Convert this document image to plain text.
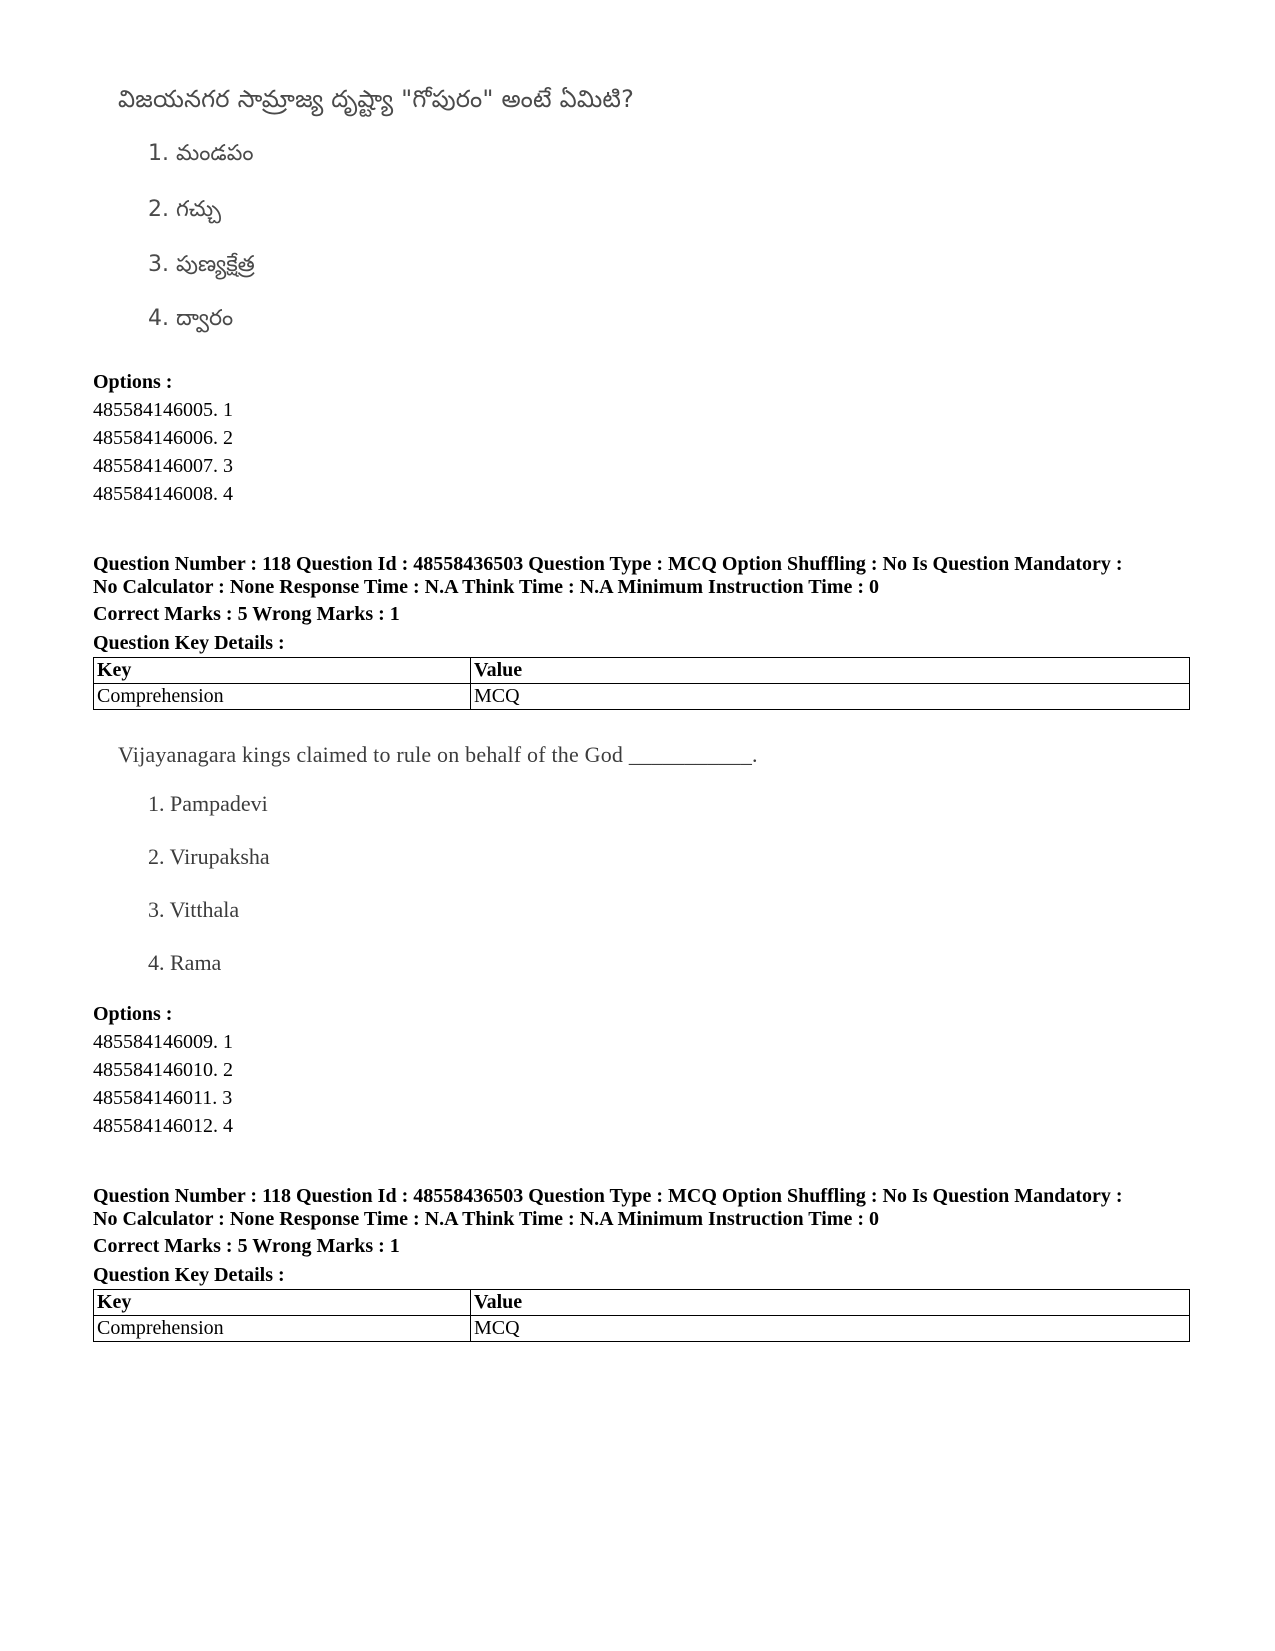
విజయనగర సామ్రాజ్య దృష్ట్యా "గోపురం" అంటే ఏమిటి?
1. మండపం
2. గచ్చు
3. పుణ్యక్షేత్ర
4. ద్వారం
Options :
485584146005. 1
485584146006. 2
485584146007. 3
485584146008. 4
Question Number : 118 Question Id : 48558436503 Question Type : MCQ Option Shuffling : No Is Question Mandatory :
No Calculator : None Response Time : N.A Think Time : N.A Minimum Instruction Time : 0
Correct Marks : 5 Wrong Marks : 1
Question Key Details :
Key	Value
Comprehension	MCQ
Vijayanagara kings claimed to rule on behalf of the God ___________.
1. Pampadevi
2. Virupaksha
3. Vitthala
4. Rama
Options :
485584146009. 1
485584146010. 2
485584146011. 3
485584146012. 4
Question Number : 118 Question Id : 48558436503 Question Type : MCQ Option Shuffling : No Is Question Mandatory :
No Calculator : None Response Time : N.A Think Time : N.A Minimum Instruction Time : 0
Correct Marks : 5 Wrong Marks : 1
Question Key Details :
Key	Value
Comprehension	MCQ
